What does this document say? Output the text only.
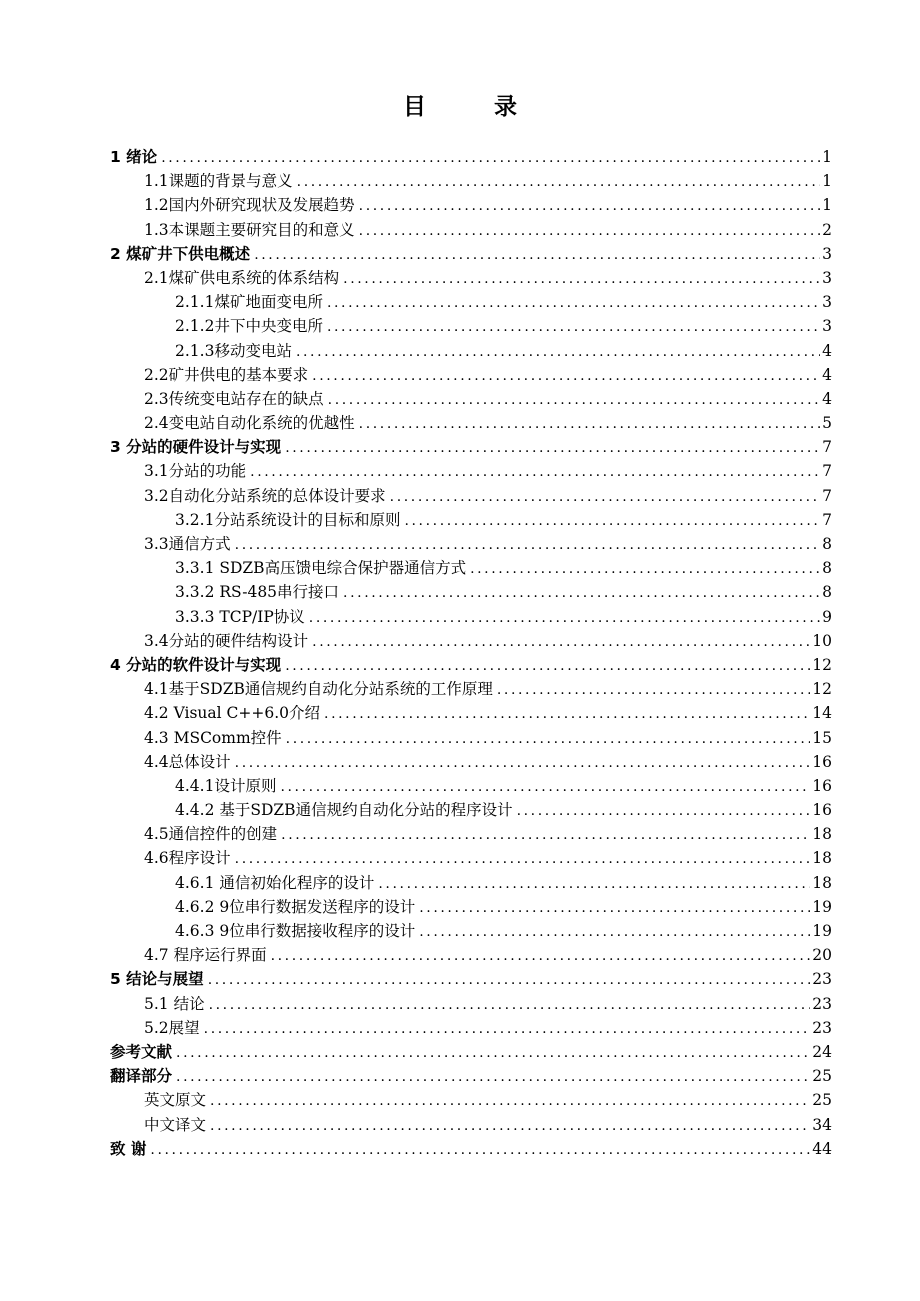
目 录
1 绪论 .....	1
1.1课题的背景与意义 .....	1
1.2国内外研究现状及发展趋势 .....	1
1.3本课题主要研究目的和意义 .....	2
2 煤矿井下供电概述 .....	3
2.1煤矿供电系统的体系结构 .....	3
2.1.1煤矿地面变电所 .....	3
2.1.2井下中央变电所 .....	3
2.1.3移动变电站 .....	4
2.2矿井供电的基本要求 .....	4
2.3传统变电站存在的缺点 .....	4
2.4变电站自动化系统的优越性 .....	5
3 分站的硬件设计与实现 .....	7
3.1分站的功能 .....	7
3.2自动化分站系统的总体设计要求 .....	7
3.2.1分站系统设计的目标和原则 .....	7
3.3通信方式 .....	8
3.3.1 SDZB高压馈电综合保护器通信方式 .....	8
3.3.2 RS-485串行接口 .....	8
3.3.3 TCP/IP协议 .....	9
3.4分站的硬件结构设计 .....	10
4 分站的软件设计与实现 .....	12
4.1基于SDZB通信规约自动化分站系统的工作原理 .....	12
4.2 Visual C++6.0介绍 .....	14
4.3 MSComm控件 .....	15
4.4总体设计 .....	16
4.4.1设计原则 .....	16
4.4.2 基于SDZB通信规约自动化分站的程序设计 .....	16
4.5通信控件的创建 .....	18
4.6程序设计 .....	18
4.6.1 通信初始化程序的设计 .....	18
4.6.2 9位串行数据发送程序的设计 .....	19
4.6.3 9位串行数据接收程序的设计 .....	19
4.7 程序运行界面 .....	20
5 结论与展望 .....	23
5.1 结论 .....	23
5.2展望 .....	23
参考文献 .....	24
翻译部分 .....	25
英文原文 .....	25
中文译文 .....	34
致 谢 .....	44
